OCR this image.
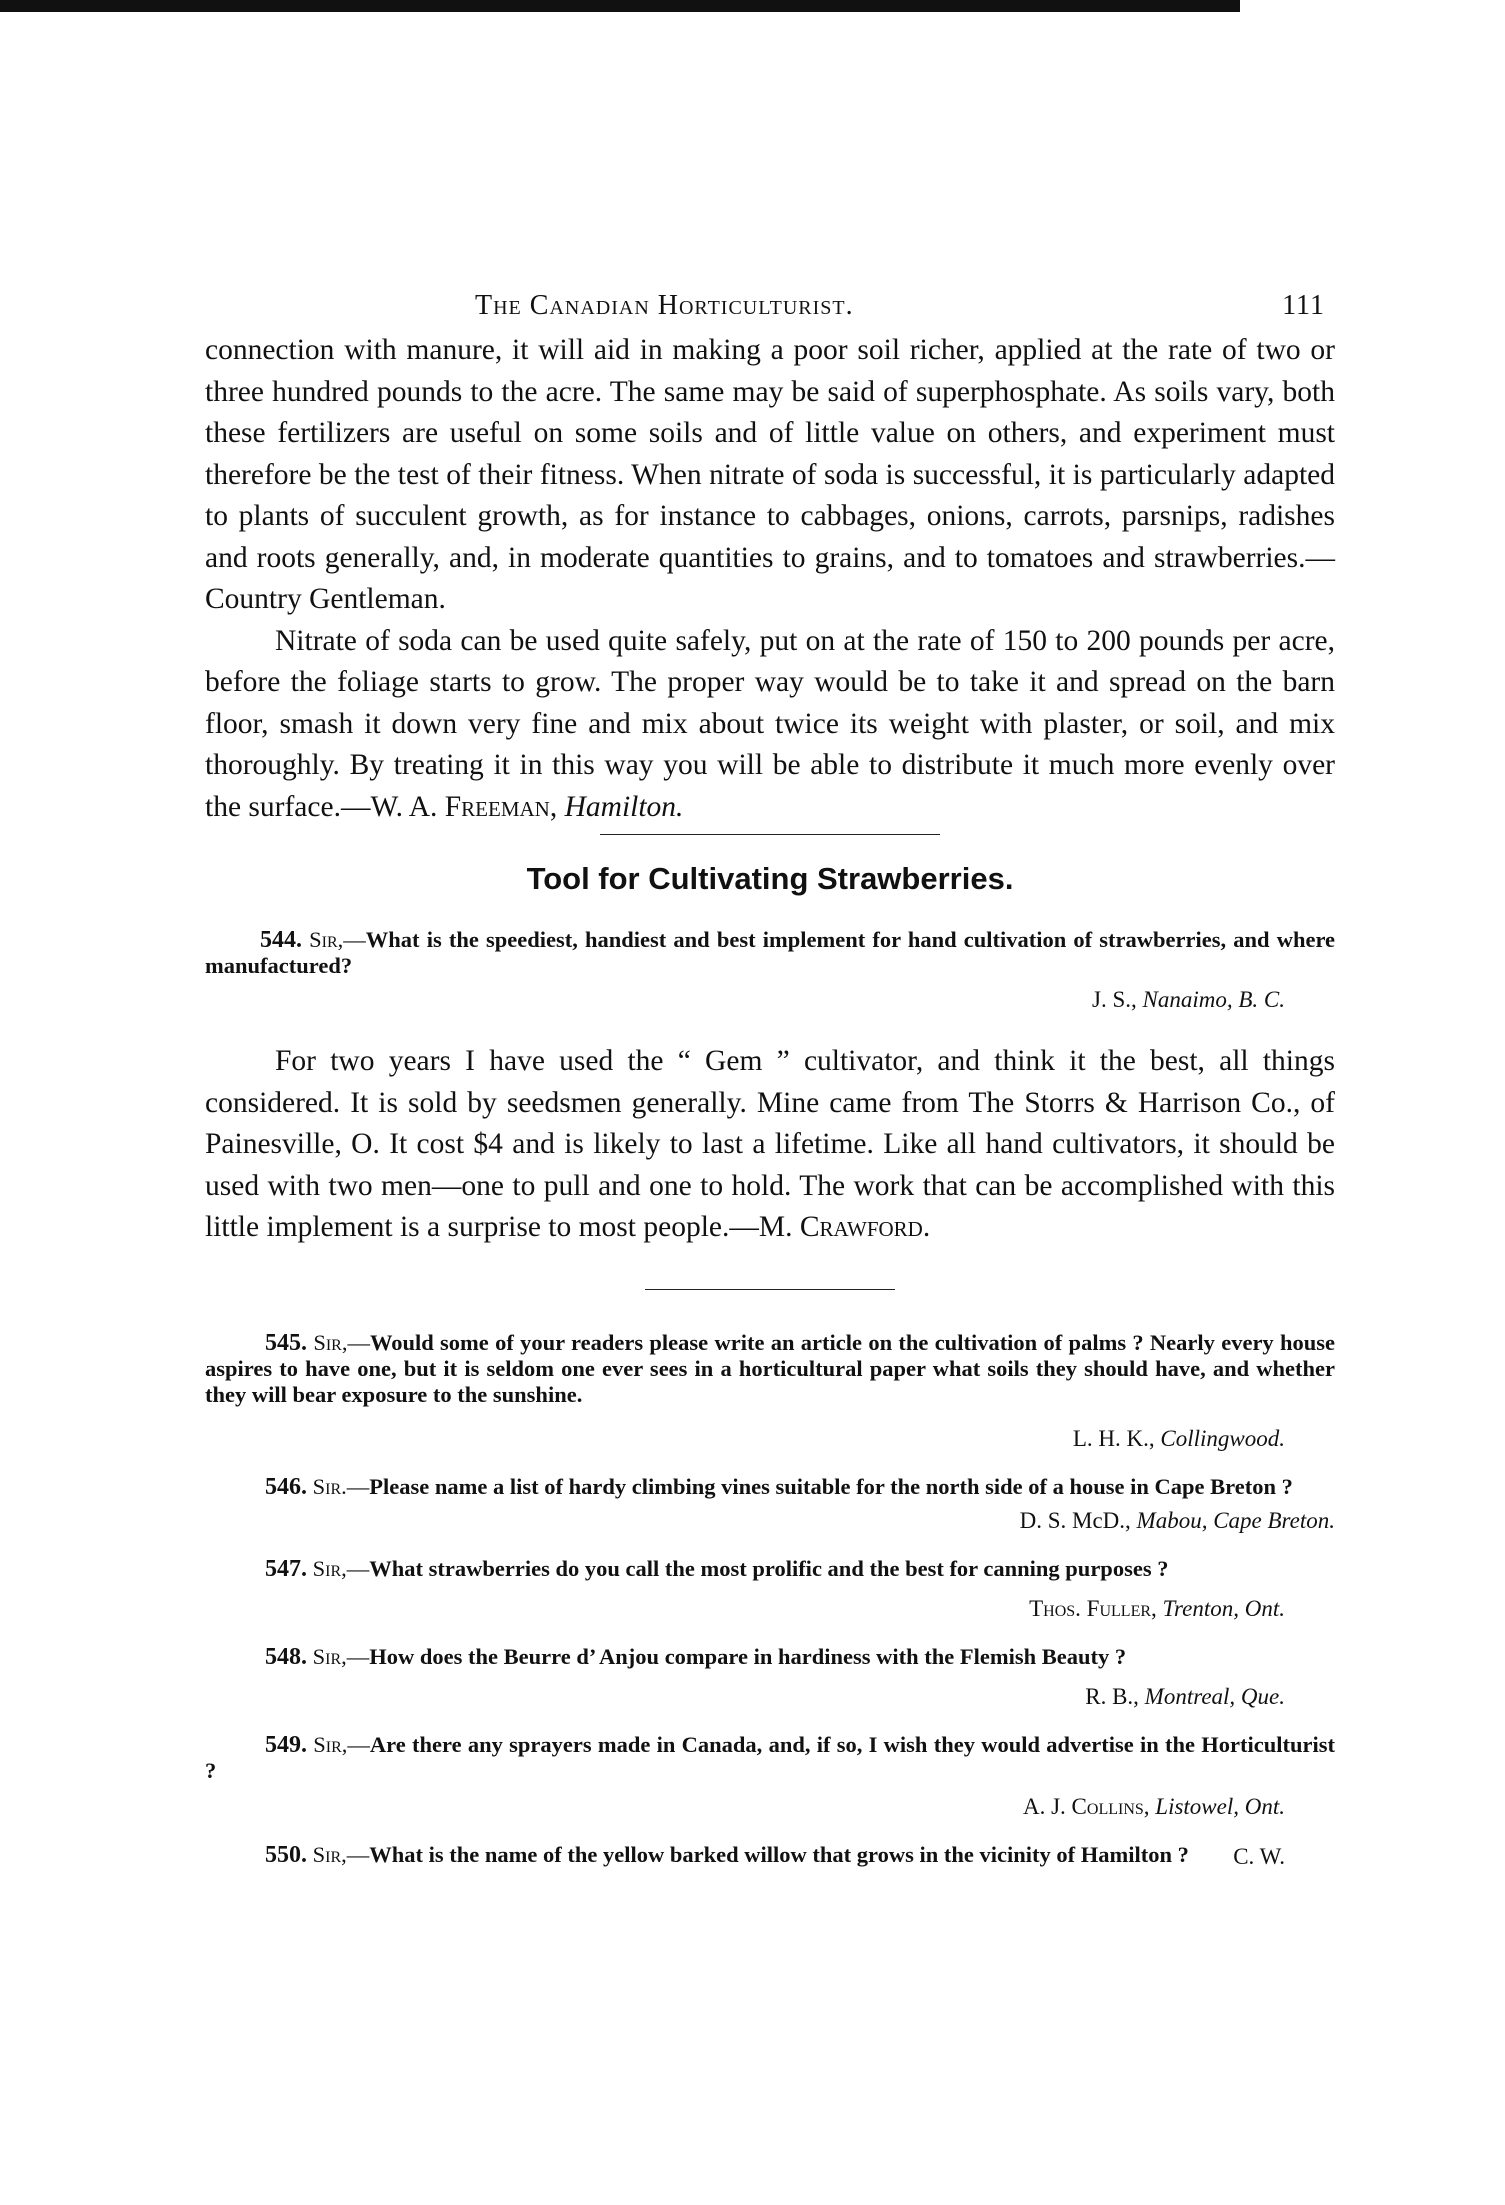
The Canadian Horticulturist.	111

connection with manure, it will aid in making a poor soil richer, applied at the rate of two or three hundred pounds to the acre. The same may be said of superphosphate. As soils vary, both these fertilizers are useful on some soils and of little value on others, and experiment must therefore be the test of their fitness. When nitrate of soda is successful, it is particularly adapted to plants of succulent growth, as for instance to cabbages, onions, carrots, parsnips, radishes and roots generally, and, in moderate quantities to grains, and to tomatoes and strawberries.—Country Gentleman.

Nitrate of soda can be used quite safely, put on at the rate of 150 to 200 pounds per acre, before the foliage starts to grow. The proper way would be to take it and spread on the barn floor, smash it down very fine and mix about twice its weight with plaster, or soil, and mix thoroughly. By treating it in this way you will be able to distribute it much more evenly over the surface.—W. A. Freeman, Hamilton.

Tool for Cultivating Strawberries.

544. Sir,—What is the speediest, handiest and best implement for hand cultivation of strawberries, and where manufactured?

J. S., Nanaimo, B. C.

For two years I have used the “ Gem ” cultivator, and think it the best, all things considered. It is sold by seedsmen generally. Mine came from The Storrs & Harrison Co., of Painesville, O. It cost $4 and is likely to last a lifetime. Like all hand cultivators, it should be used with two men—one to pull and one to hold. The work that can be accomplished with this little implement is a surprise to most people.—M. Crawford.

545. Sir,—Would some of your readers please write an article on the cultivation of palms ? Nearly every house aspires to have one, but it is seldom one ever sees in a horticultural paper what soils they should have, and whether they will bear exposure to the sunshine.

L. H. K., Collingwood.

546. Sir.—Please name a list of hardy climbing vines suitable for the north side of a house in Cape Breton ?

D. S. McD., Mabou, Cape Breton.

547. Sir,—What strawberries do you call the most prolific and the best for canning purposes ?

Thos. Fuller, Trenton, Ont.

548. Sir,—How does the Beurre d’ Anjou compare in hardiness with the Flemish Beauty ?

R. B., Montreal, Que.

549. Sir,—Are there any sprayers made in Canada, and, if so, I wish they would advertise in the Horticulturist ?

A. J. Collins, Listowel, Ont.

550. Sir,—What is the name of the yellow barked willow that grows in the vicinity of Hamilton ?	C. W.
